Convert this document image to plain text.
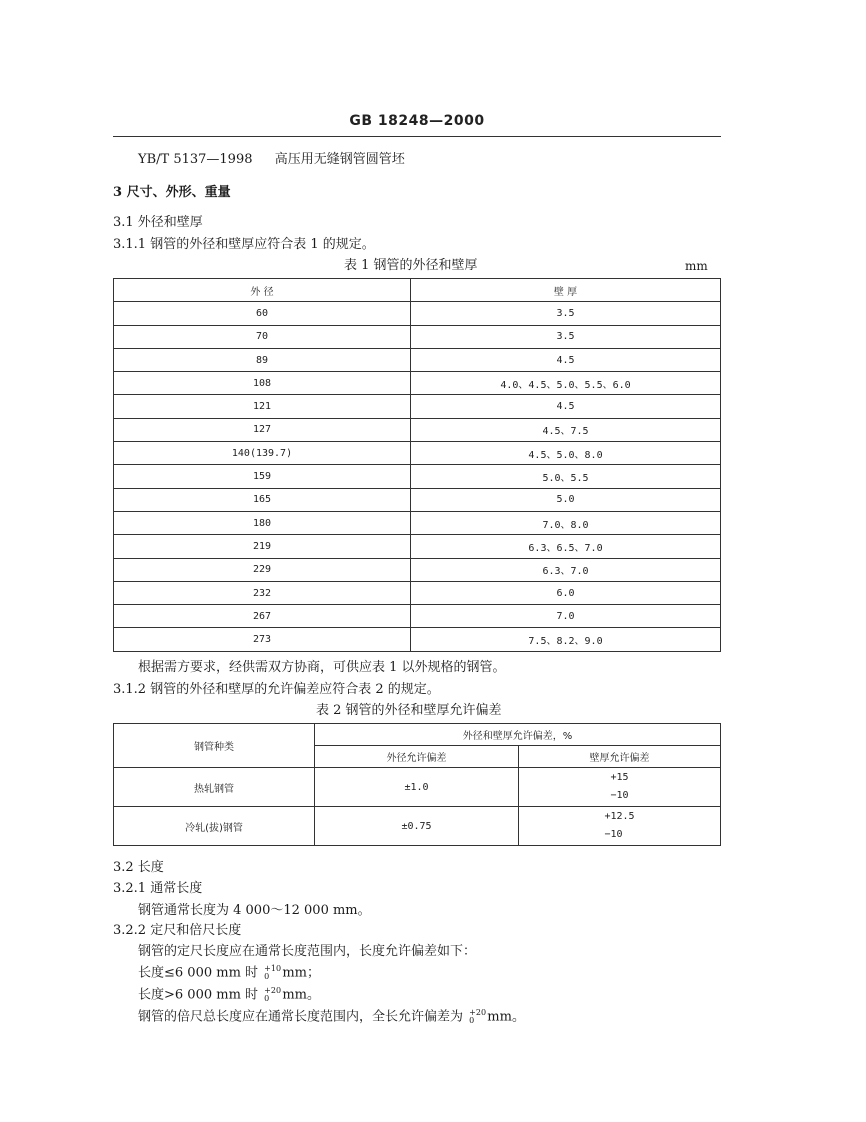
GB 18248—2000
YB/T 5137—1998 高压用无缝钢管圆管坯
3 尺寸、外形、重量
3.1 外径和壁厚
3.1.1 钢管的外径和壁厚应符合表 1 的规定。
表 1 钢管的外径和壁厚	mm
外 径	壁 厚
60	3.5
70	3.5
89	4.5
108	4.0、4.5、5.0、5.5、6.0
121	4.5
127	4.5、7.5
140(139.7)	4.5、5.0、8.0
159	5.0、5.5
165	5.0
180	7.0、8.0
219	6.3、6.5、7.0
229	6.3、7.0
232	6.0
267	7.0
273	7.5、8.2、9.0
根据需方要求，经供需双方协商，可供应表 1 以外规格的钢管。
3.1.2 钢管的外径和壁厚的允许偏差应符合表 2 的规定。
表 2 钢管的外径和壁厚允许偏差
钢管种类	外径和壁厚允许偏差，%	
	外径允许偏差	壁厚允许偏差
热轧钢管	±1.0	+15
−10

冷轧(拔)钢管	±0.75	+12.5
−10
3.2 长度
3.2.1 通常长度
钢管通常长度为 4 000～12 000 mm。
3.2.2 定尺和倍尺长度
钢管的定尺长度应在通常长度范围内，长度允许偏差如下：
长度≤6 000 mm 时 +10
0	mm；
长度>6 000 mm 时 +20
0	mm。
钢管的倍尺总长度应在通常长度范围内，全长允许偏差为 +20
0	mm。
